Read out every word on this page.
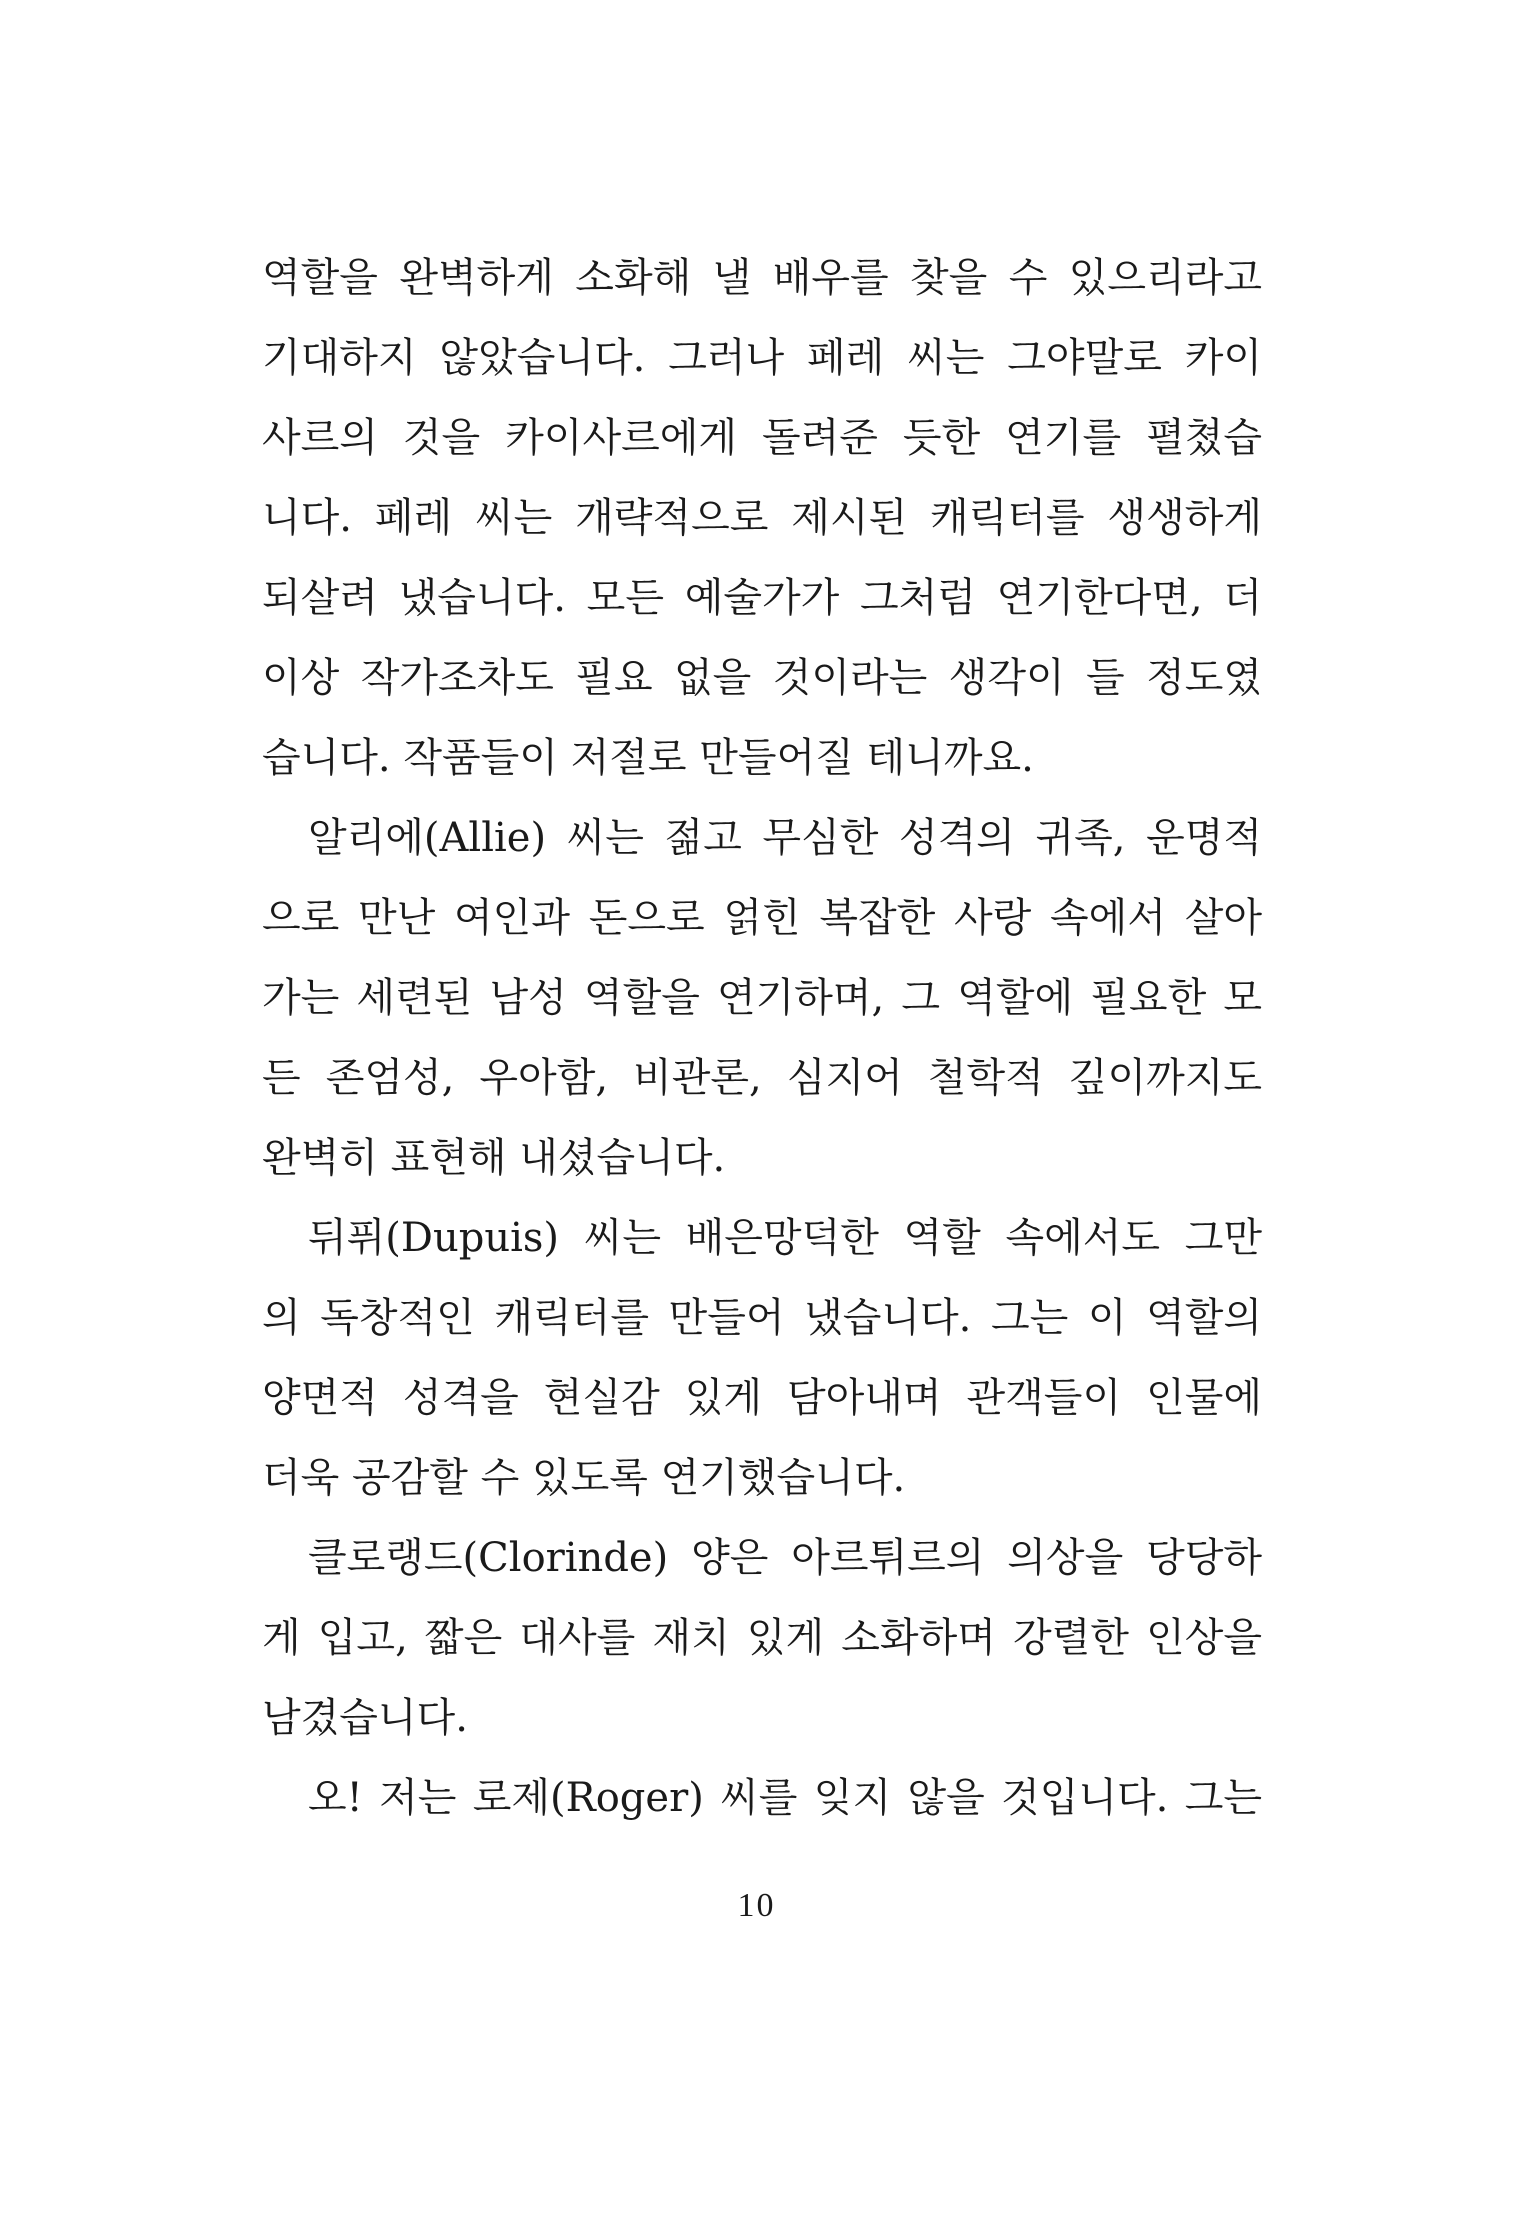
역할을 완벽하게 소화해 낼 배우를 찾을 수 있으리라고
기대하지 않았습니다. 그러나 페레 씨는 그야말로 카이
사르의 것을 카이사르에게 돌려준 듯한 연기를 펼쳤습
니다. 페레 씨는 개략적으로 제시된 캐릭터를 생생하게
되살려 냈습니다. 모든 예술가가 그처럼 연기한다면, 더
이상 작가조차도 필요 없을 것이라는 생각이 들 정도였
습니다. 작품들이 저절로 만들어질 테니까요.
알리에(Allie) 씨는 젊고 무심한 성격의 귀족, 운명적
으로 만난 여인과 돈으로 얽힌 복잡한 사랑 속에서 살아
가는 세련된 남성 역할을 연기하며, 그 역할에 필요한 모
든 존엄성, 우아함, 비관론, 심지어 철학적 깊이까지도
완벽히 표현해 내셨습니다.
뒤퓌(Dupuis) 씨는 배은망덕한 역할 속에서도 그만
의 독창적인 캐릭터를 만들어 냈습니다. 그는 이 역할의
양면적 성격을 현실감 있게 담아내며 관객들이 인물에
더욱 공감할 수 있도록 연기했습니다.
클로랭드(Clorinde) 양은 아르튀르의 의상을 당당하
게 입고, 짧은 대사를 재치 있게 소화하며 강렬한 인상을
남겼습니다.
오! 저는 로제(Roger) 씨를 잊지 않을 것입니다. 그는
10
